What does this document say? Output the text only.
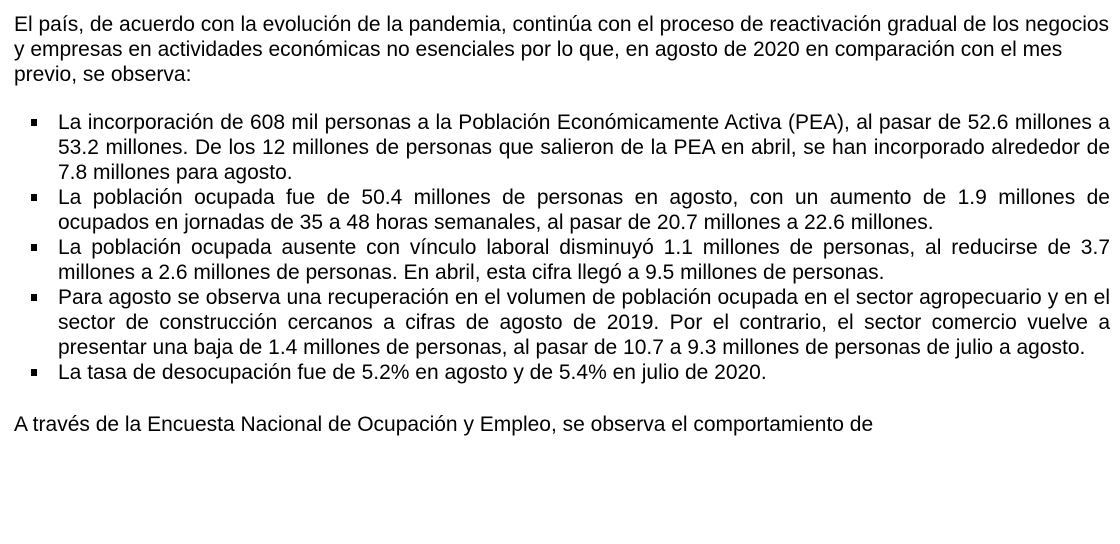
El país, de acuerdo con la evolución de la pandemia, continúa con el proceso de reactivación gradual de los negocios y empresas en actividades económicas no esenciales por lo que, en agosto de 2020 en comparación con el mes previo, se observa:

La incorporación de 608 mil personas a la Población Económicamente Activa (PEA), al pasar de 52.6 millones a 53.2 millones. De los 12 millones de personas que salieron de la PEA en abril, se han incorporado alrededor de 7.8 millones para agosto.
La población ocupada fue de 50.4 millones de personas en agosto, con un aumento de 1.9 millones de ocupados en jornadas de 35 a 48 horas semanales, al pasar de 20.7 millones a 22.6 millones.
La población ocupada ausente con vínculo laboral disminuyó 1.1 millones de personas, al reducirse de 3.7 millones a 2.6 millones de personas. En abril, esta cifra llegó a 9.5 millones de personas.
Para agosto se observa una recuperación en el volumen de población ocupada en el sector agropecuario y en el sector de construcción cercanos a cifras de agosto de 2019. Por el contrario, el sector comercio vuelve a presentar una baja de 1.4 millones de personas, al pasar de 10.7 a 9.3 millones de personas de julio a agosto.
La tasa de desocupación fue de 5.2% en agosto y de 5.4% en julio de 2020.

A través de la Encuesta Nacional de Ocupación y Empleo, se observa el comportamiento de
